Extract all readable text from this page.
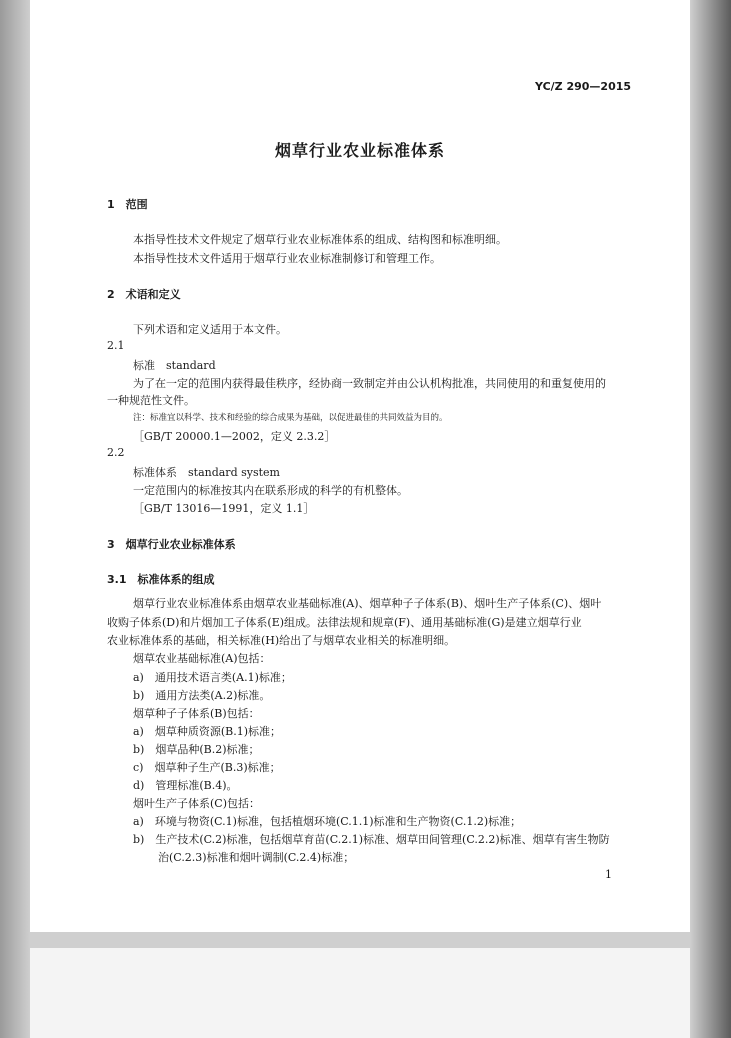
YC/Z 290—2015
烟草行业农业标准体系
1　范围
本指导性技术文件规定了烟草行业农业标准体系的组成、结构图和标准明细。
本指导性技术文件适用于烟草行业农业标准制修订和管理工作。
2　术语和定义
下列术语和定义适用于本文件。
2.1
标准　standard
为了在一定的范围内获得最佳秩序，经协商一致制定并由公认机构批准，共同使用的和重复使用的
一种规范性文件。
注：标准宜以科学、技术和经验的综合成果为基础，以促进最佳的共同效益为目的。
［GB/T 20000.1—2002，定义 2.3.2］
2.2
标准体系　standard system
一定范围内的标准按其内在联系形成的科学的有机整体。
［GB/T 13016—1991，定义 1.1］
3　烟草行业农业标准体系
3.1　标准体系的组成
烟草行业农业标准体系由烟草农业基础标准(A)、烟草种子子体系(B)、烟叶生产子体系(C)、烟叶
收购子体系(D)和片烟加工子体系(E)组成。法律法规和规章(F)、通用基础标准(G)是建立烟草行业
农业标准体系的基础，相关标准(H)给出了与烟草农业相关的标准明细。
烟草农业基础标准(A)包括：
a)　通用技术语言类(A.1)标准；
b)　通用方法类(A.2)标准。
烟草种子子体系(B)包括：
a)　烟草种质资源(B.1)标准；
b)　烟草品种(B.2)标准；
c)　烟草种子生产(B.3)标准；
d)　管理标准(B.4)。
烟叶生产子体系(C)包括：
a)　环境与物资(C.1)标准，包括植烟环境(C.1.1)标准和生产物资(C.1.2)标准；
b)　生产技术(C.2)标准，包括烟草育苗(C.2.1)标准、烟草田间管理(C.2.2)标准、烟草有害生物防
治(C.2.3)标准和烟叶调制(C.2.4)标准；
1
